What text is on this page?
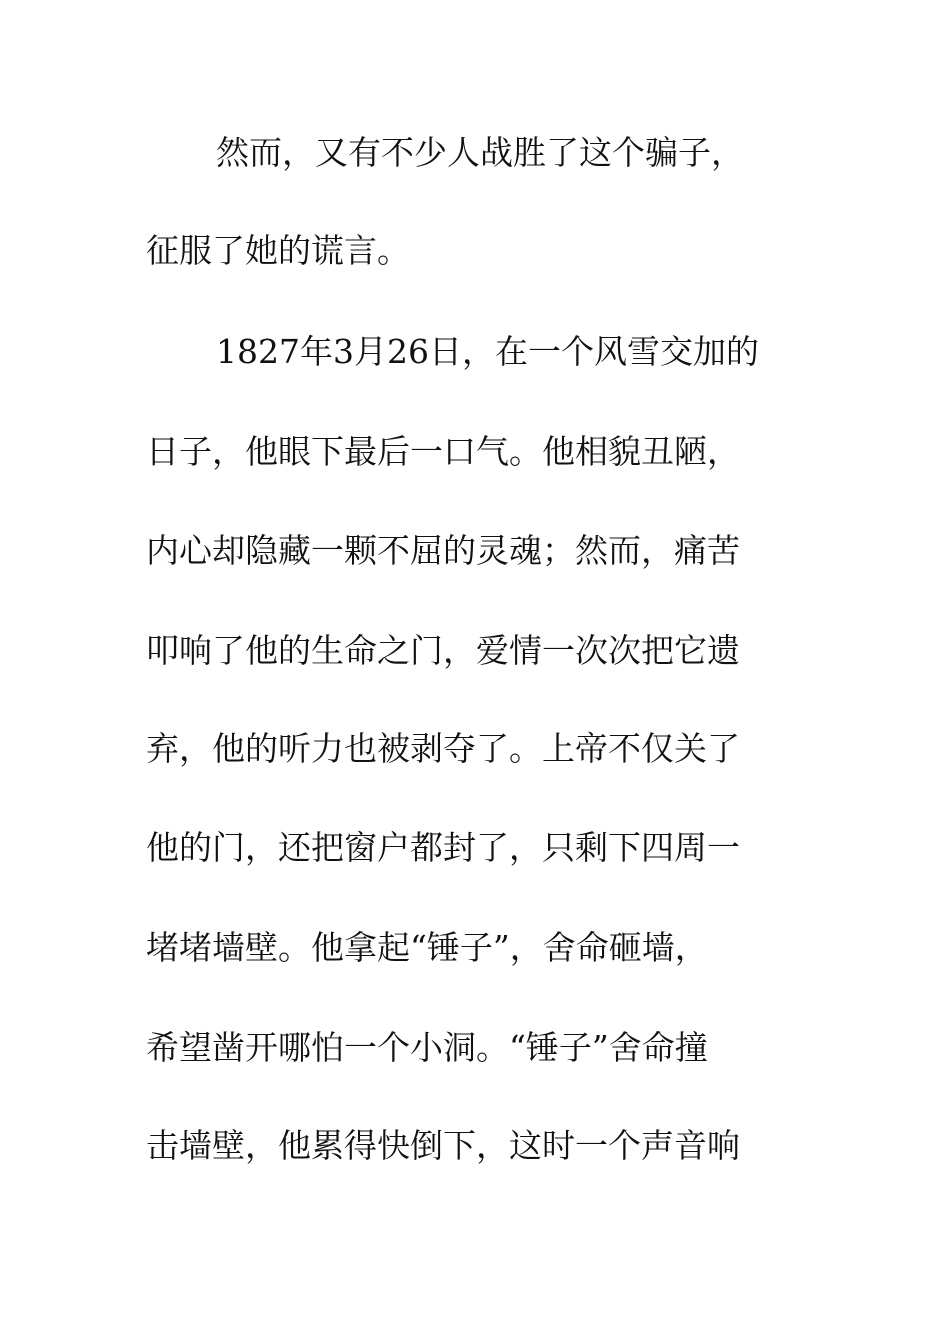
然而，又有不少人战胜了这个骗子，
征服了她的谎言。
1827年3月26日，在一个风雪交加的
日子，他眼下最后一口气。他相貌丑陋，
内心却隐藏一颗不屈的灵魂；然而，痛苦
叩响了他的生命之门，爱情一次次把它遗
弃，他的听力也被剥夺了。上帝不仅关了
他的门，还把窗户都封了，只剩下四周一
堵堵墙壁。他拿起“锤子”，舍命砸墙，
希望凿开哪怕一个小洞。“锤子”舍命撞
击墙壁，他累得快倒下，这时一个声音响
